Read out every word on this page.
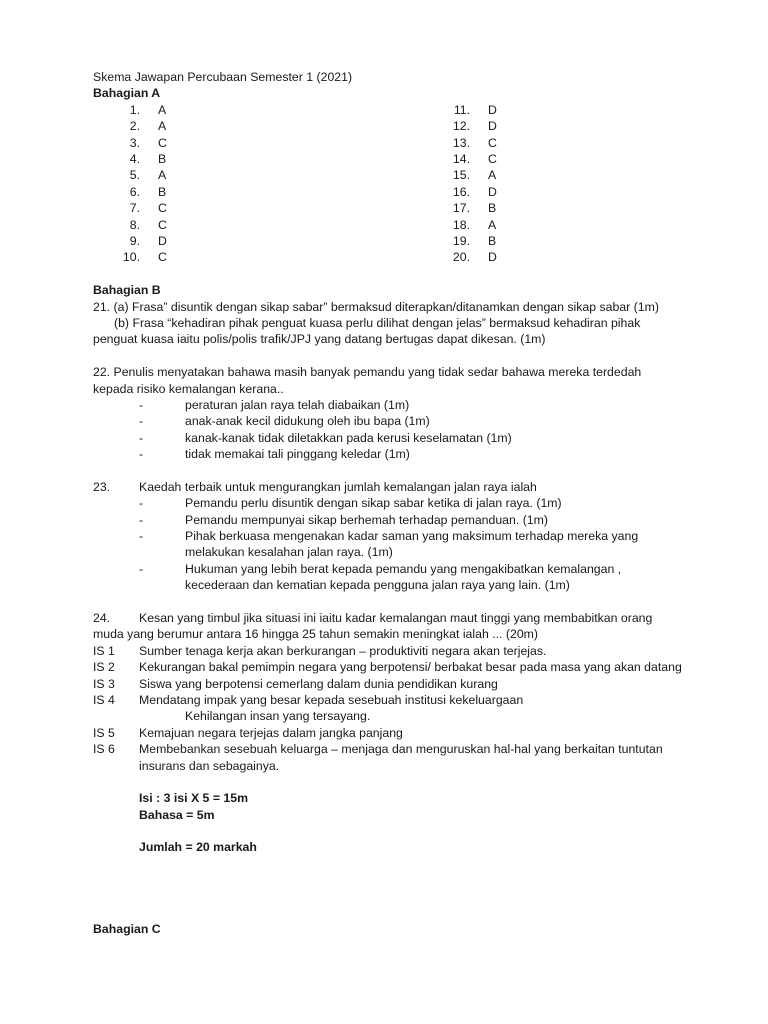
Skema Jawapan Percubaan Semester 1 (2021)
Bahagian A
1.	A
2.	A
3.	C
4.	B
5.	A
6.	B
7.	C
8.	C
9.	D
10.	C
11.	D
12.	D
13.	C
14.	C
15.	A
16.	D
17.	B
18.	A
19.	B
20.	D
Bahagian B
21. (a) Frasa” disuntik dengan sikap sabar” bermaksud diterapkan/ditanamkan dengan sikap sabar (1m)
(b) Frasa “kehadiran pihak penguat kuasa perlu dilihat dengan jelas” bermaksud kehadiran pihak
penguat kuasa iaitu polis/polis trafik/JPJ yang datang bertugas dapat dikesan. (1m)
22. Penulis menyatakan bahawa masih banyak pemandu yang tidak sedar bahawa mereka terdedah
kepada risiko kemalangan kerana..
-
peraturan jalan raya telah diabaikan (1m)
-
anak-anak kecil didukung oleh ibu bapa (1m)
-
kanak-kanak tidak diletakkan pada kerusi keselamatan (1m)
-
tidak memakai tali pinggang keledar (1m)
23.	Kaedah terbaik untuk mengurangkan jumlah kemalangan jalan raya ialah
-
Pemandu perlu disuntik dengan sikap sabar ketika di jalan raya. (1m)
-
Pemandu mempunyai sikap berhemah terhadap pemanduan. (1m)
-
Pihak berkuasa mengenakan kadar saman yang maksimum terhadap mereka yang
melakukan kesalahan jalan raya. (1m)
-
Hukuman yang lebih berat kepada pemandu yang mengakibatkan kemalangan ,
kecederaan dan kematian kepada pengguna jalan raya yang lain. (1m)
24.	Kesan yang timbul jika situasi ini iaitu kadar kemalangan maut tinggi yang membabitkan orang
muda yang berumur antara 16 hingga 25 tahun semakin meningkat ialah ... (20m)
IS 1	Sumber tenaga kerja akan berkurangan – produktiviti negara akan terjejas.
IS 2	Kekurangan bakal pemimpin negara yang berpotensi/ berbakat besar pada masa yang akan datang
IS 3	Siswa yang berpotensi cemerlang dalam dunia pendidikan kurang
IS 4	Mendatang impak yang besar kepada sesebuah institusi kekeluargaan
Kehilangan insan yang tersayang.
IS 5	Kemajuan negara terjejas dalam jangka panjang
IS 6	Membebankan sesebuah keluarga – menjaga dan menguruskan hal-hal yang berkaitan tuntutan
insurans dan sebagainya.
Isi : 3 isi X 5 = 15m
Bahasa = 5m
Jumlah = 20 markah
Bahagian C
